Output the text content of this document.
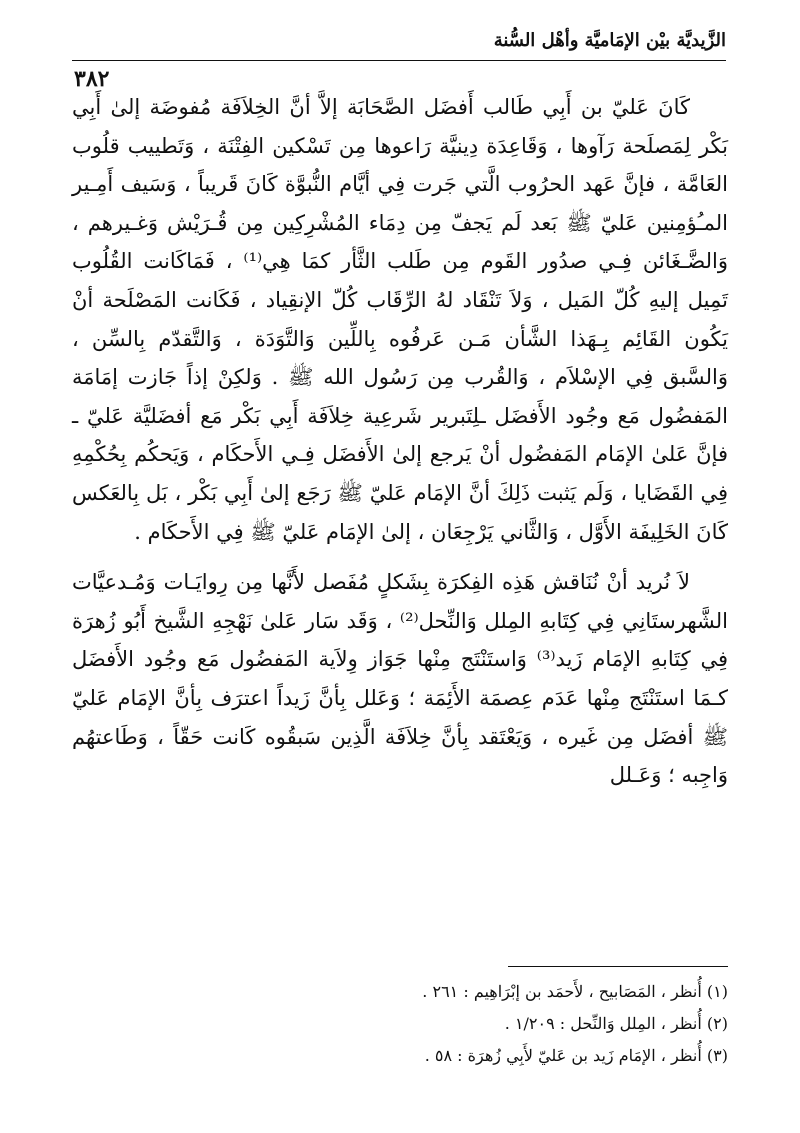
الزَّيديَّة بيْن الإمَاميَّة وأهْل السُّنة
٣٨٢

كَانَ عَليّ بن أَبِي طَالب أَفضَل الصَّحَابَة إلاَّ أنَّ الخِلاَفَة مُفوضَة إلىٰ أَبِي بَكْر لِمَصلَحة رَآوها ، وَقَاعِدَة دِينيَّة رَاعوها مِن تَسْكين الفِتْنَة ، وَتَطييب قلُوب العَامَّة ، فإنَّ عَهد الحرُوب الَّتي جَرت فِي أيَّام النُّبوَّة كَانَ قَريباً ، وَسَيف أَمِـير المـُؤمِنين عَليّ ﷺ بَعد لَم يَجفّ مِن دِمَاء المُشْرِكِين مِن قُـرَيْش وَغـيرهم ، وَالضَّـغَائن فِـي صدُور القَوم مِن طَلب الثَّأر كمَا هِي⁽¹⁾ ، فَمَاكَانت القُلُوب تَمِيل إليهِ كُلّ المَيل ، وَلاَ تَنْقَاد لهُ الرِّقَاب كُلّ الإنقِياد ، فَكَانت المَصْلَحة أنْ يَكُون القَائِم بِـهَذا الشَّأن مَـن عَرفُوه بِاللِّين وَالتَّوَدَة ، وَالتَّقدّم بِالسِّن ، وَالسَّبق فِي الإسْلاَم ، وَالقُرب مِن رَسُول الله ﷺ . وَلكِنْ إذاً جَازت إمَامَة المَفضُول مَع وجُود الأَفضَل ـلِتَبرير شَرعِية خِلاَفَة أَبِي بَكْر مَع أفضَليَّة عَليّ ـ فإنَّ عَلىٰ الإمَام المَفضُول أنْ يَرجع إلىٰ الأَفضَل فِـي الأَحكَام ، وَيَحكُم بِحُكْمِهِ فِي القَضَايا ، وَلَم يَثبت ذَلِكَ أنَّ الإمَام عَليّ ﷺ رَجَع إلىٰ أَبِي بَكْر ، بَل بِالعَكس كَانَ الخَلِيفَة الأَوَّل ، وَالثَّاني يَرْجِعَان ، إلىٰ الإمَام عَليّ ﷺ فِي الأَحكَام .

لاَ نُريد أنْ نُنَاقش هَذِه الفِكرَة بِشَكلٍ مُفَصل لأَنَّها مِن رِوايَـات وَمُـدعيَّات الشَّهرستَانِي فِي كِتَابهِ المِلل وَالنِّحل⁽²⁾ ، وَقَد سَار عَلىٰ نَهْجِهِ الشَّيخ أَبُو زُهرَة فِي كِتَابهِ الإمَام زَيد⁽³⁾ وَاستَنْتَج مِنْها جَوَاز وِلاَية المَفضُول مَع وجُود الأَفضَل كـمَا استَنْتَج مِنْها عَدَم عِصمَة الأَئِمَة ؛ وَعَلل بِأنَّ زَيداً اعترَف بِأنَّ الإمَام عَليّ ﷺ أفضَل مِن غَيره ، وَيَعْتَقد بِأنَّ خِلاَفَة الَّذِين سَبقُوه كَانت حَقّاً ، وَطَاعتهُم وَاجِبه ؛ وَعَـلل

(١) أُنظر ، المَصَابيح ، لأَحمَد بن إبْرَاهِيم : ٢٦١ .
(٢) أُنظر ، المِلل وَالنِّحل : ١/٢٠٩ .
(٣) أُنظر ، الإمَام زَيد بن عَليّ لأَبِي زُهرَة : ٥٨ .
